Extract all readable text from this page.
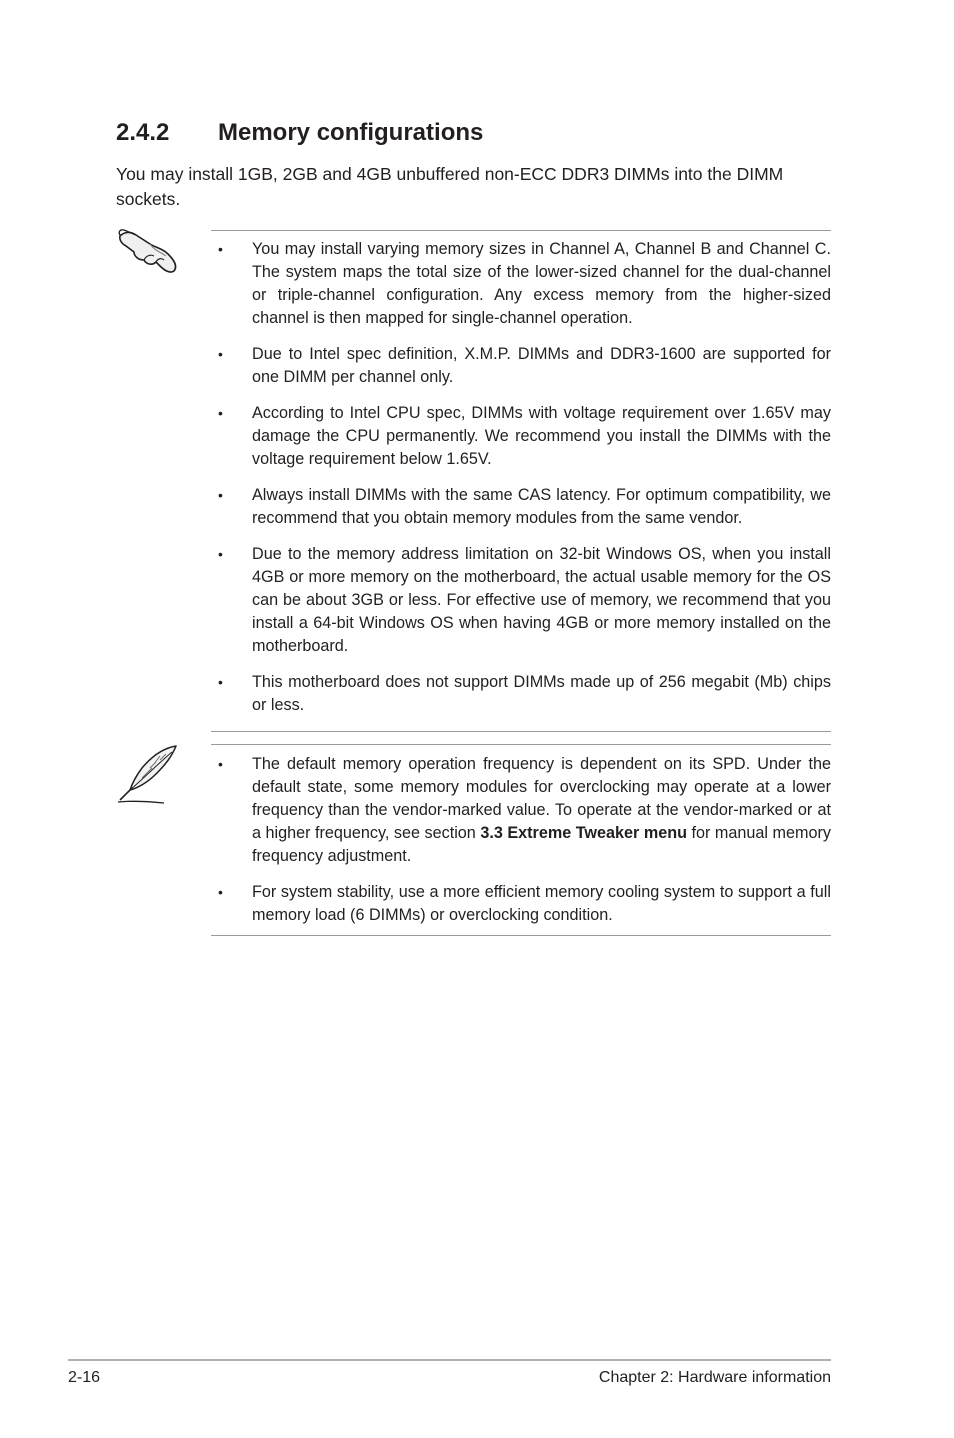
2.4.2 Memory configurations

You may install 1GB, 2GB and 4GB unbuffered non-ECC DDR3 DIMMs into the DIMM sockets.

• You may install varying memory sizes in Channel A, Channel B and Channel C. The system maps the total size of the lower-sized channel for the dual-channel or triple-channel configuration. Any excess memory from the higher-sized channel is then mapped for single-channel operation.
• Due to Intel spec definition, X.M.P. DIMMs and DDR3-1600 are supported for one DIMM per channel only.
• According to Intel CPU spec, DIMMs with voltage requirement over 1.65V may damage the CPU permanently. We recommend you install the DIMMs with the voltage requirement below 1.65V.
• Always install DIMMs with the same CAS latency. For optimum compatibility, we recommend that you obtain memory modules from the same vendor.
• Due to the memory address limitation on 32-bit Windows OS, when you install 4GB or more memory on the motherboard, the actual usable memory for the OS can be about 3GB or less. For effective use of memory, we recommend that you install a 64-bit Windows OS when having 4GB or more memory installed on the motherboard.
• This motherboard does not support DIMMs made up of 256 megabit (Mb) chips or less.
• The default memory operation frequency is dependent on its SPD. Under the default state, some memory modules for overclocking may operate at a lower frequency than the vendor-marked value. To operate at the vendor-marked or at a higher frequency, see section 3.3 Extreme Tweaker menu for manual memory frequency adjustment.
• For system stability, use a more efficient memory cooling system to support a full memory load (6 DIMMs) or overclocking condition.
2-16	Chapter 2: Hardware information
